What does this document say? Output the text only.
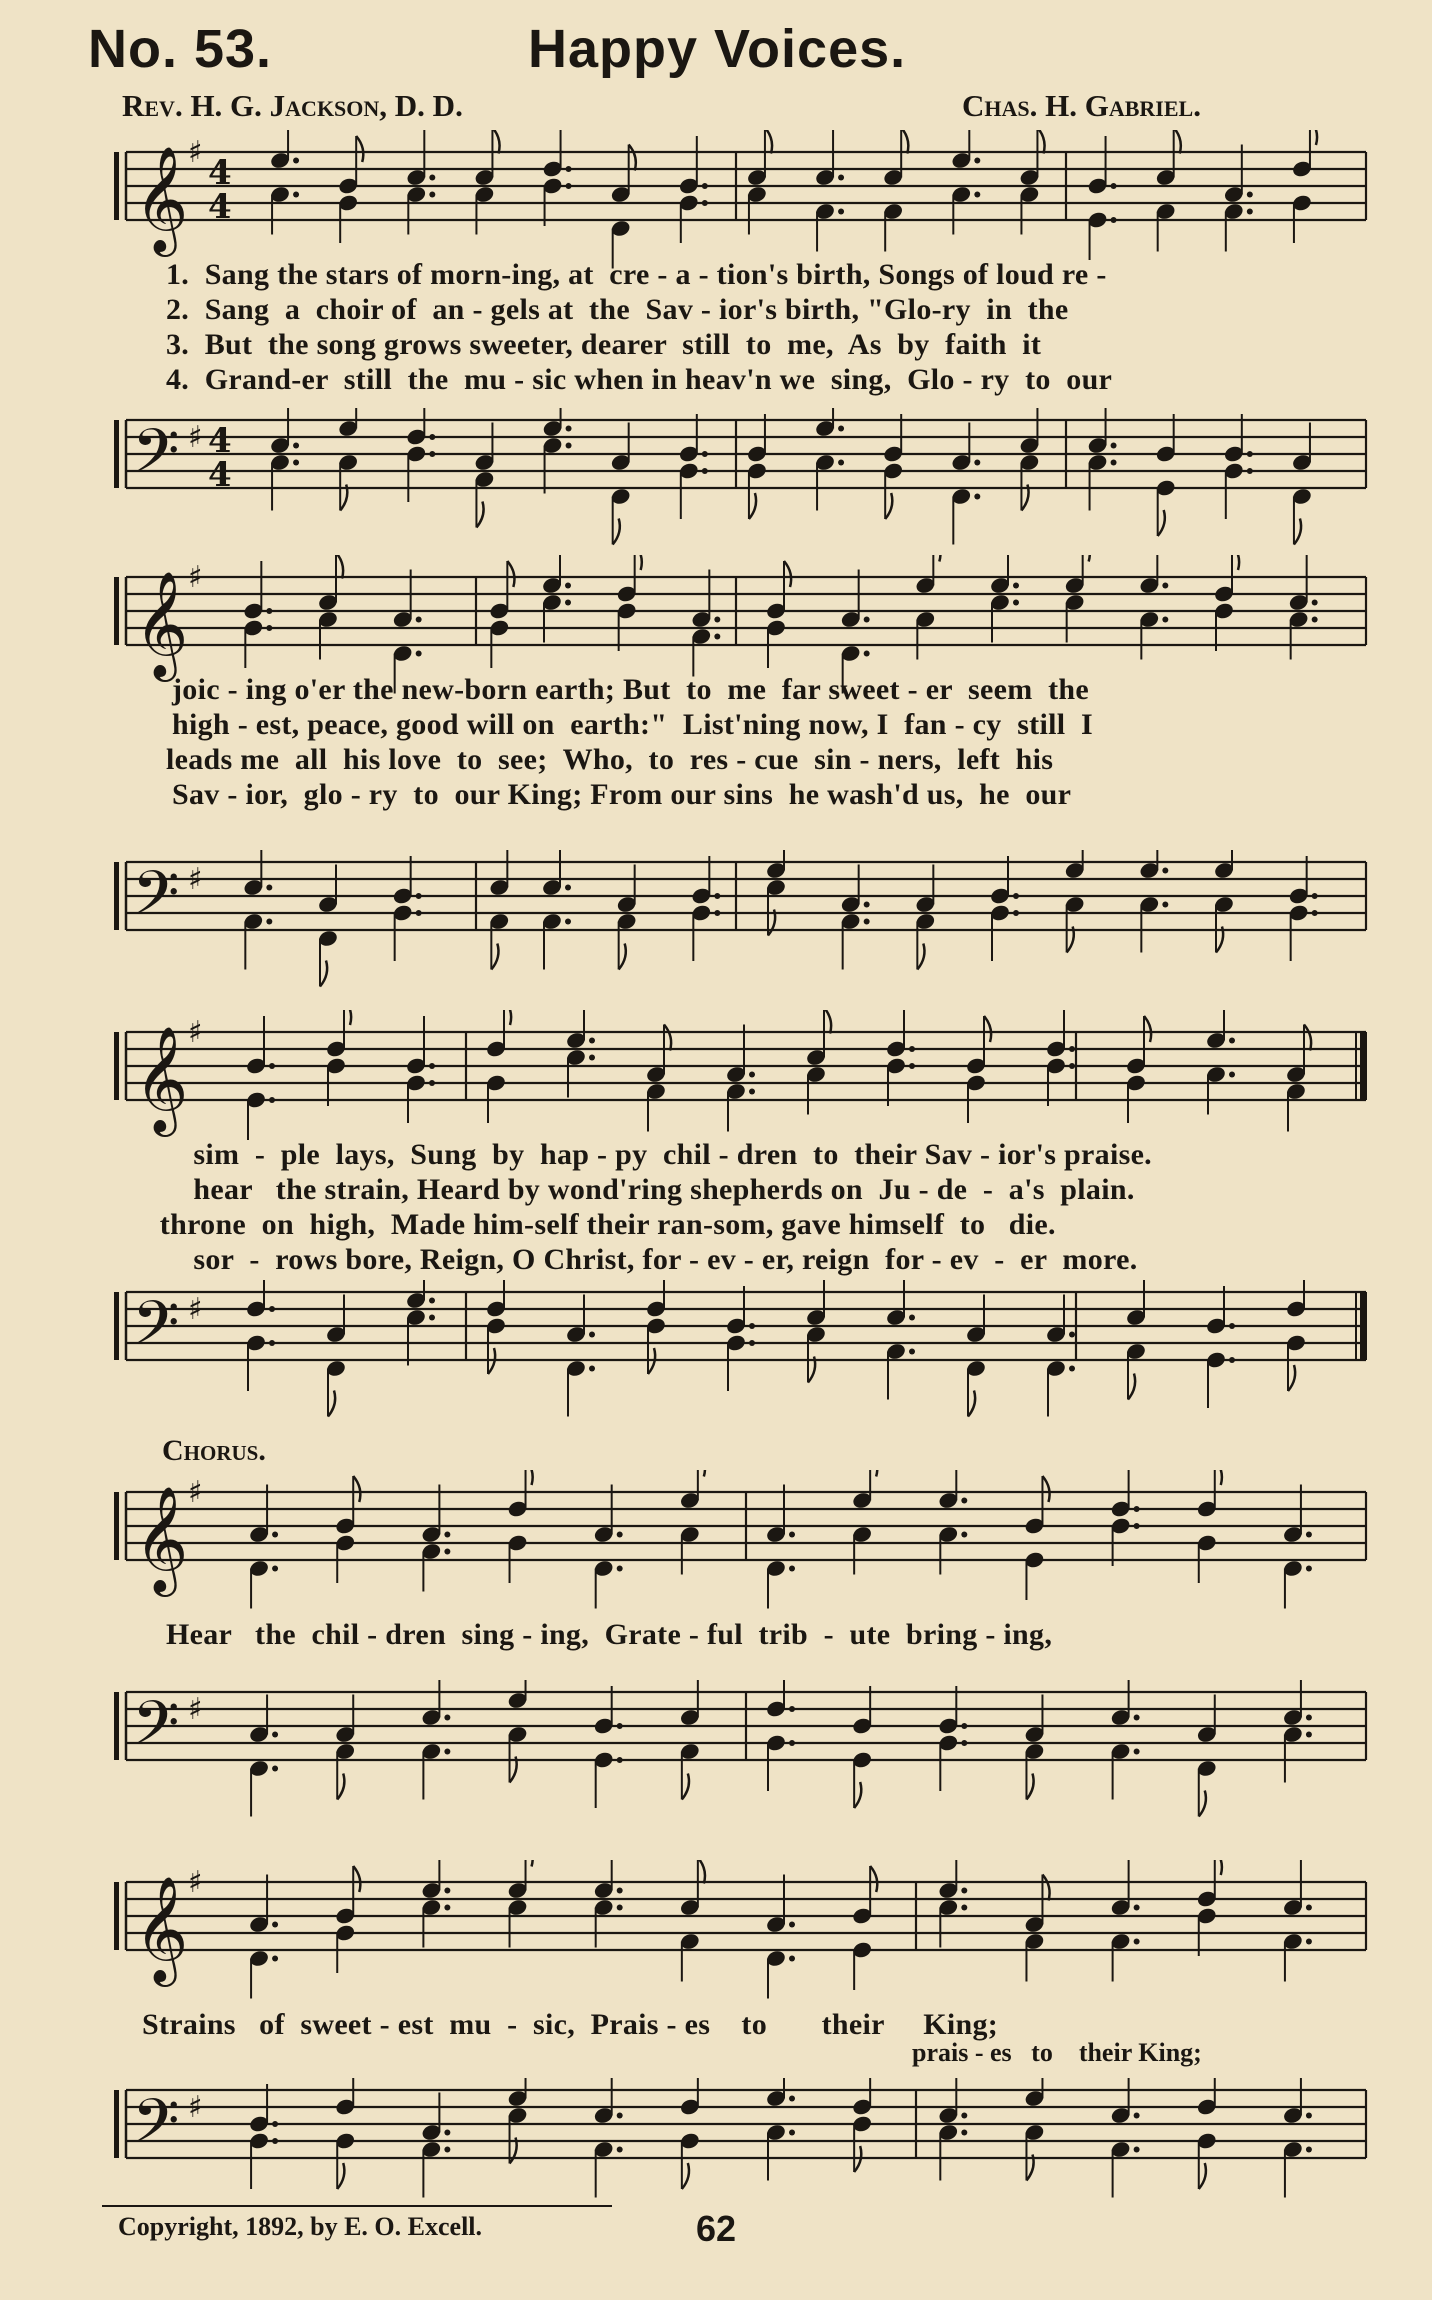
No. 53.	Happy Voices.
Rev. H. G. Jackson, D. D.	Chas. H. Gabriel.
𝄞 ♯
4
4
1.  Sang the stars of morn-ing, at  cre - a - tion's birth, Songs of loud re -
2.  Sang  a  choir of  an - gels at  the  Sav - ior's birth, "Glo-ry  in  the
3.  But  the song grows sweeter, dearer  still  to  me,  As  by  faith  it
4.  Grand-er  still  the  mu - sic when in heav'n we  sing,  Glo - ry  to  our
𝄢 ♯ 4
4
𝄞 ♯
joic - ing o'er the new-born earth; But  to  me  far sweet - er  seem  the
high - est, peace, good will on  earth:"  List'ning now, I  fan - cy  still  I
leads me  all  his love  to  see;  Who,  to  res - cue  sin - ners,  left  his
Sav - ior,  glo - ry  to  our King; From our sins  he wash'd us,  he  our
𝄢 ♯
𝄞 ♯
sim  -  ple  lays,  Sung  by  hap - py  chil - dren  to  their Sav - ior's praise.
hear   the strain, Heard by wond'ring shepherds on  Ju - de  -  a's  plain.
throne  on  high,  Made him-self their ran-som, gave himself  to   die.
sor  -  rows bore, Reign, O Christ, for - ev - er, reign  for - ev  -  er  more.
𝄢 ♯
Chorus.
𝄞 ♯
Hear   the  chil - dren  sing - ing,  Grate - ful  trib  -  ute  bring - ing,
𝄢 ♯
𝄞 ♯
Strains   of  sweet - est  mu  -  sic,  Prais - es    to       their     King;
𝄢 ♯
prais - es   to    their King;
Copyright, 1892, by E. O. Excell.	62
